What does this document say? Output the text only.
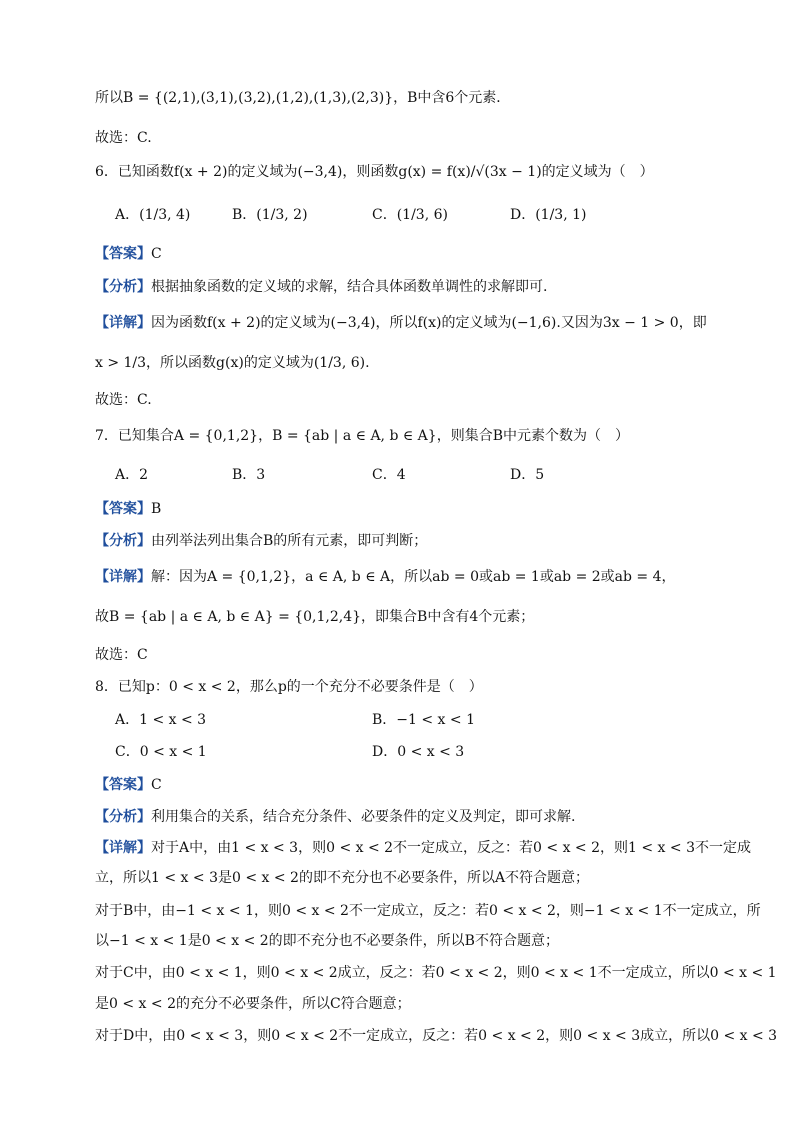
所以B = {(2,1),(3,1),(3,2),(1,2),(1,3),(2,3)}，B中含6个元素．
故选：C.
6．已知函数f(x + 2)的定义域为(−3,4)，则函数g(x) = f(x)/√(3x − 1)的定义域为（　）
A．(1/3, 4)	B．(1/3, 2)	C．(1/3, 6)	D．(1/3, 1)
【答案】C
【分析】根据抽象函数的定义域的求解，结合具体函数单调性的求解即可.
【详解】因为函数f(x + 2)的定义域为(−3,4)，所以f(x)的定义域为(−1,6).又因为3x − 1 > 0，即
x > 1/3，所以函数g(x)的定义域为(1/3, 6).
故选：C.
7．已知集合A = {0,1,2}，B = {ab | a ∈ A, b ∈ A}，则集合B中元素个数为（　）
A．2	B．3	C．4	D．5
【答案】B
【分析】由列举法列出集合B的所有元素，即可判断；
【详解】解：因为A = {0,1,2}，a ∈ A, b ∈ A，所以ab = 0或ab = 1或ab = 2或ab = 4，
故B = {ab | a ∈ A, b ∈ A} = {0,1,2,4}，即集合B中含有4个元素；
故选：C
8．已知p：0 < x < 2，那么p的一个充分不必要条件是（　）
A．1 < x < 3	B．−1 < x < 1
C．0 < x < 1	D．0 < x < 3
【答案】C
【分析】利用集合的关系，结合充分条件、必要条件的定义及判定，即可求解.
【详解】对于A中，由1 < x < 3，则0 < x < 2不一定成立，反之：若0 < x < 2，则1 < x < 3不一定成
立，所以1 < x < 3是0 < x < 2的即不充分也不必要条件，所以A不符合题意；
对于B中，由−1 < x < 1，则0 < x < 2不一定成立，反之：若0 < x < 2，则−1 < x < 1不一定成立，所
以−1 < x < 1是0 < x < 2的即不充分也不必要条件，所以B不符合题意；
对于C中，由0 < x < 1，则0 < x < 2成立，反之：若0 < x < 2，则0 < x < 1不一定成立，所以0 < x < 1
是0 < x < 2的充分不必要条件，所以C符合题意；
对于D中，由0 < x < 3，则0 < x < 2不一定成立，反之：若0 < x < 2，则0 < x < 3成立，所以0 < x < 3
